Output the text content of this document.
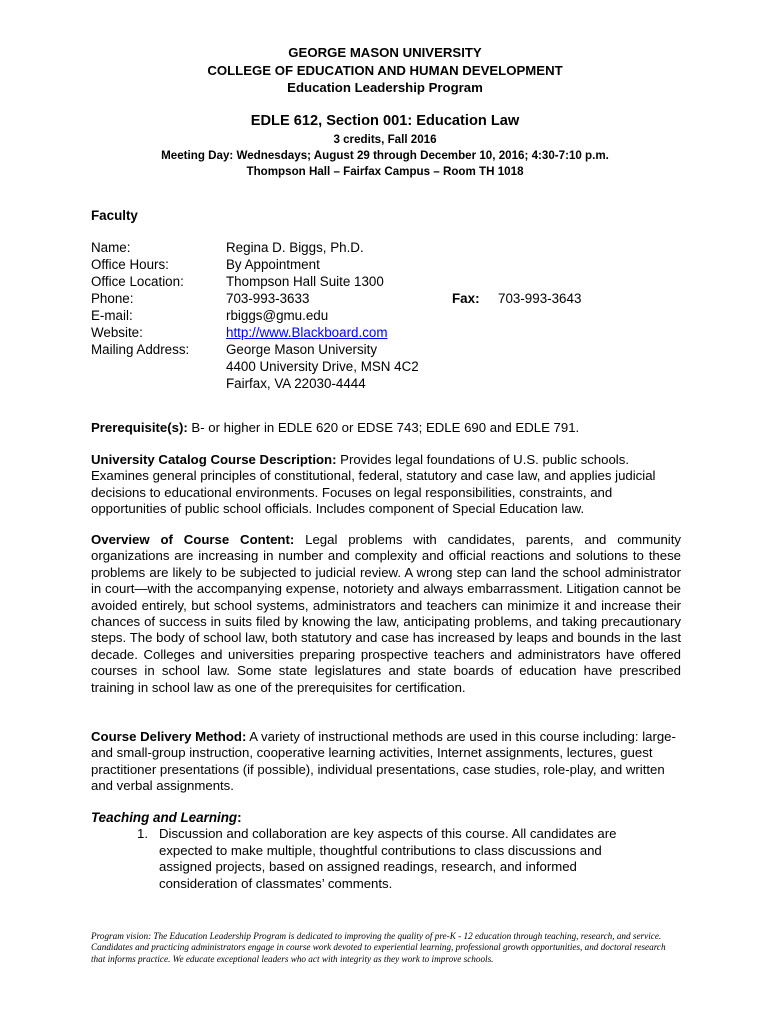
GEORGE MASON UNIVERSITY
COLLEGE OF EDUCATION AND HUMAN DEVELOPMENT
Education Leadership Program
EDLE 612, Section 001: Education Law
3 credits, Fall 2016
Meeting Day: Wednesdays; August 29 through December 10, 2016; 4:30-7:10 p.m.
Thompson Hall – Fairfax Campus – Room TH 1018
Faculty
Name:	Regina D. Biggs, Ph.D.
Office Hours:	By Appointment
Office Location:	Thompson Hall Suite 1300
Phone:	703-993-3633	Fax: 703-993-3643
E-mail:	rbiggs@gmu.edu
Website:	http://www.Blackboard.com
Mailing Address:	George Mason University
4400 University Drive, MSN 4C2
Fairfax, VA 22030-4444
Prerequisite(s): B- or higher in EDLE 620 or EDSE 743; EDLE 690 and EDLE 791.
University Catalog Course Description: Provides legal foundations of U.S. public schools. Examines general principles of constitutional, federal, statutory and case law, and applies judicial decisions to educational environments. Focuses on legal responsibilities, constraints, and opportunities of public school officials. Includes component of Special Education law.
Overview of Course Content: Legal problems with candidates, parents, and community organizations are increasing in number and complexity and official reactions and solutions to these problems are likely to be subjected to judicial review. A wrong step can land the school administrator in court—with the accompanying expense, notoriety and always embarrassment. Litigation cannot be avoided entirely, but school systems, administrators and teachers can minimize it and increase their chances of success in suits filed by knowing the law, anticipating problems, and taking precautionary steps. The body of school law, both statutory and case has increased by leaps and bounds in the last decade. Colleges and universities preparing prospective teachers and administrators have offered courses in school law. Some state legislatures and state boards of education have prescribed training in school law as one of the prerequisites for certification.
Course Delivery Method: A variety of instructional methods are used in this course including: large-and small-group instruction, cooperative learning activities, Internet assignments, lectures, guest practitioner presentations (if possible), individual presentations, case studies, role-play, and written and verbal assignments.
Teaching and Learning:
1. Discussion and collaboration are key aspects of this course. All candidates are expected to make multiple, thoughtful contributions to class discussions and assigned projects, based on assigned readings, research, and informed consideration of classmates’ comments.
Program vision: The Education Leadership Program is dedicated to improving the quality of pre-K - 12 education through teaching, research, and service. Candidates and practicing administrators engage in course work devoted to experiential learning, professional growth opportunities, and doctoral research that informs practice. We educate exceptional leaders who act with integrity as they work to improve schools.
